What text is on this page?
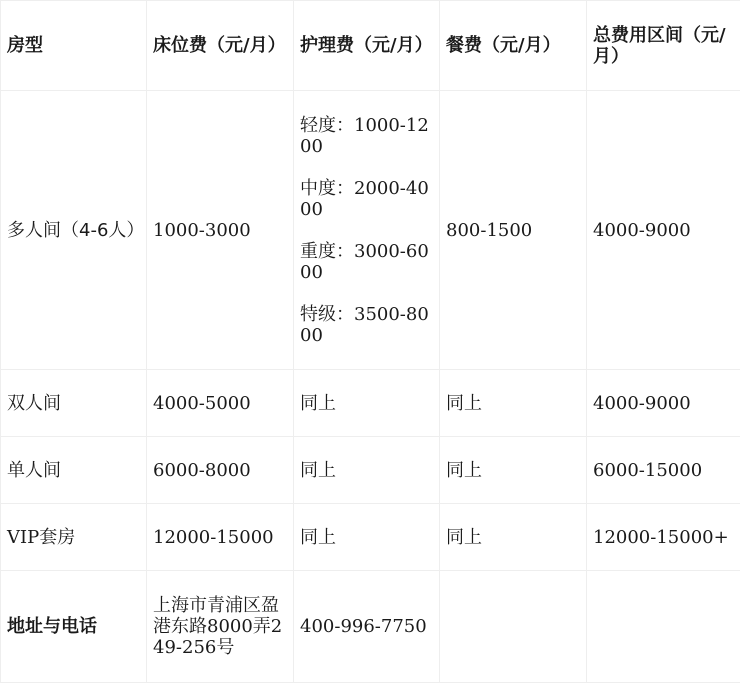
房型	床位费（元/月）	护理费（元/月）	餐费（元/月）	总费用区间（元/月）
多人间（4-6人）	1000-3000	轻度：1000-1200
中度：2000-4000
重度：3000-6000
特级：3500-8000	800-1500	4000-9000
双人间	4000-5000	同上	同上	4000-9000
单人间	6000-8000	同上	同上	6000-15000
VIP套房	12000-15000	同上	同上	12000-15000+
地址与电话	上海市青浦区盈港东路8000弄249-256号	400-996-7750		
